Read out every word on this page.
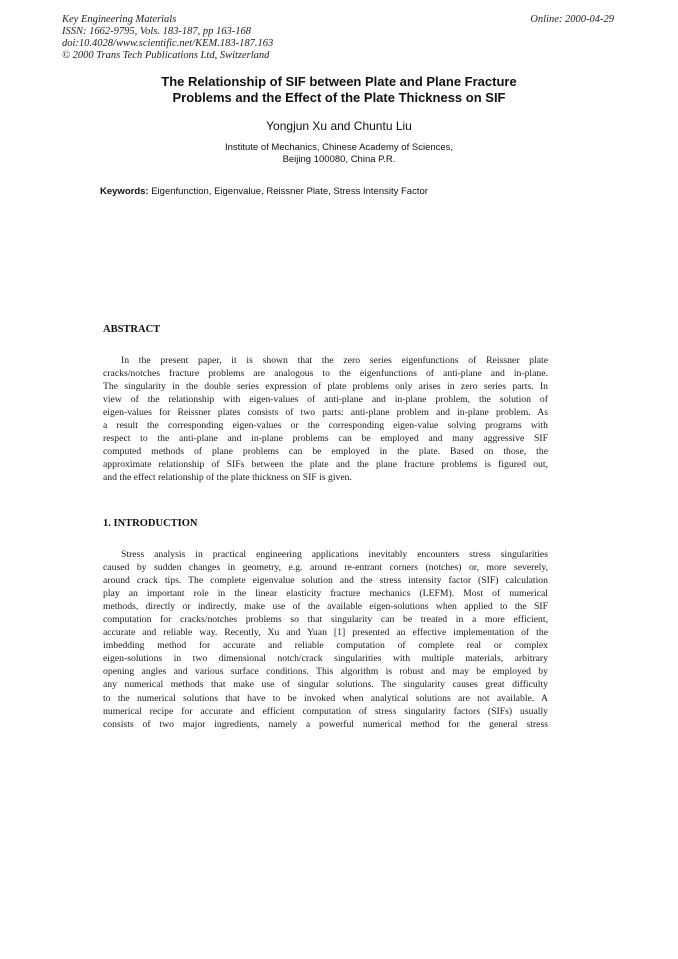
Key Engineering Materials
ISSN: 1662-9795, Vols. 183-187, pp 163-168
doi:10.4028/www.scientific.net/KEM.183-187.163
© 2000 Trans Tech Publications Ltd, Switzerland
Online: 2000-04-29
The Relationship of SIF between Plate and Plane Fracture
Problems and the Effect of the Plate Thickness on SIF
Yongjun Xu and Chuntu Liu
Institute of Mechanics, Chinese Academy of Sciences,
Beijing 100080, China P.R.
Keywords: Eigenfunction, Eigenvalue, Reissner Plate, Stress Intensity Factor
ABSTRACT
In the present paper, it is shown that the zero series eigenfunctions of Reissner plate
cracks/notches fracture problems are analogous to the eigenfunctions of anti-plane and in-plane.
The singularity in the double series expression of plate problems only arises in zero series parts. In
view of the relationship with eigen-values of anti-plane and in-plane problem, the solution of
eigen-values for Reissner plates consists of two parts: anti-plane problem and in-plane problem. As
a result the corresponding eigen-values or the corresponding eigen-value solving programs with
respect to the anti-plane and in-plane problems can be employed and many aggressive SIF
computed methods of plane problems can be employed in the plate. Based on those, the
approximate relationship of SIFs between the plate and the plane fracture problems is figured out,
and the effect relationship of the plate thickness on SIF is given.
1. INTRODUCTION
Stress analysis in practical engineering applications inevitably encounters stress singularities
caused by sudden changes in geometry, e.g. around re-entrant corners (notches) or, more severely,
around crack tips. The complete eigenvalue solution and the stress intensity factor (SIF) calculation
play an important role in the linear elasticity fracture mechanics (LEFM). Most of numerical
methods, directly or indirectly, make use of the available eigen-solutions when applied to the SIF
computation for cracks/notches problems so that singularity can be treated in a more efficient,
accurate and reliable way. Recently, Xu and Yuan [1] presented an effective implementation of the
imbedding method for accurate and reliable computation of complete real or complex
eigen-solutions in two dimensional notch/crack singularities with multiple materials, arbitrary
opening angles and various surface conditions. This algorithm is robust and may be employed by
any numerical methods that make use of singular solutions. The singularity causes great difficulty
to the numerical solutions that have to be invoked when analytical solutions are not available. A
numerical recipe for accurate and efficient computation of stress singularity factors (SIFs) usually
consists of two major ingredients, namely a powerful numerical method for the general stress
